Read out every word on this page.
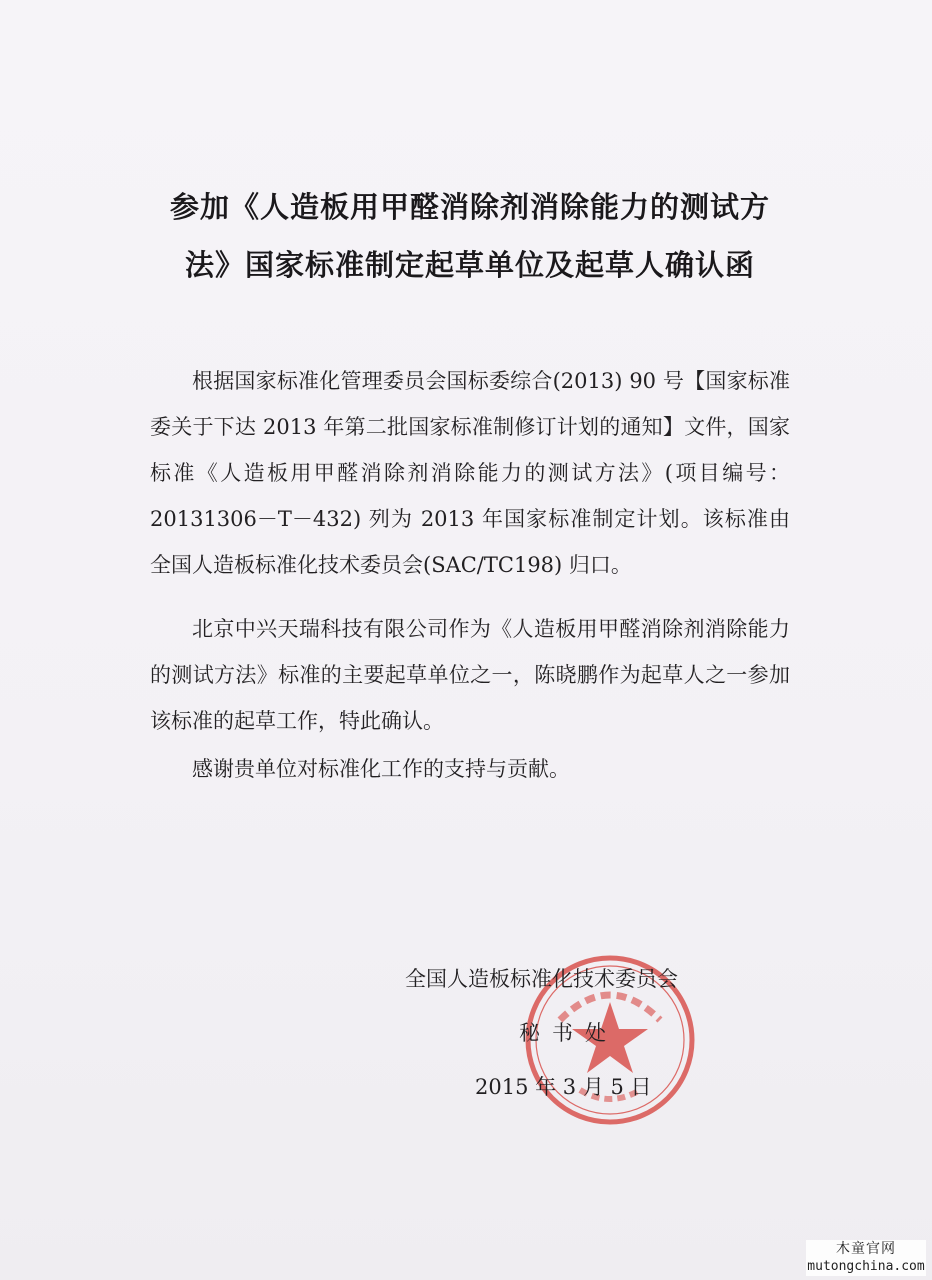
参加《人造板用甲醛消除剂消除能力的测试方
法》国家标准制定起草单位及起草人确认函

根据国家标准化管理委员会国标委综合(2013) 90 号【国家标准委关于下达 2013 年第二批国家标准制修订计划的通知】文件，国家标准《人造板用甲醛消除剂消除能力的测试方法》(项目编号：20131306－T－432) 列为 2013 年国家标准制定计划。该标准由全国人造板标准化技术委员会(SAC/TC198) 归口。

北京中兴天瑞科技有限公司作为《人造板用甲醛消除剂消除能力的测试方法》标准的主要起草单位之一，陈晓鹏作为起草人之一参加该标准的起草工作，特此确认。

感谢贵单位对标准化工作的支持与贡献。

全国人造板标准化技术委员会
秘书处
2015 年 3 月 5 日
木童官网
mutongchina.com
